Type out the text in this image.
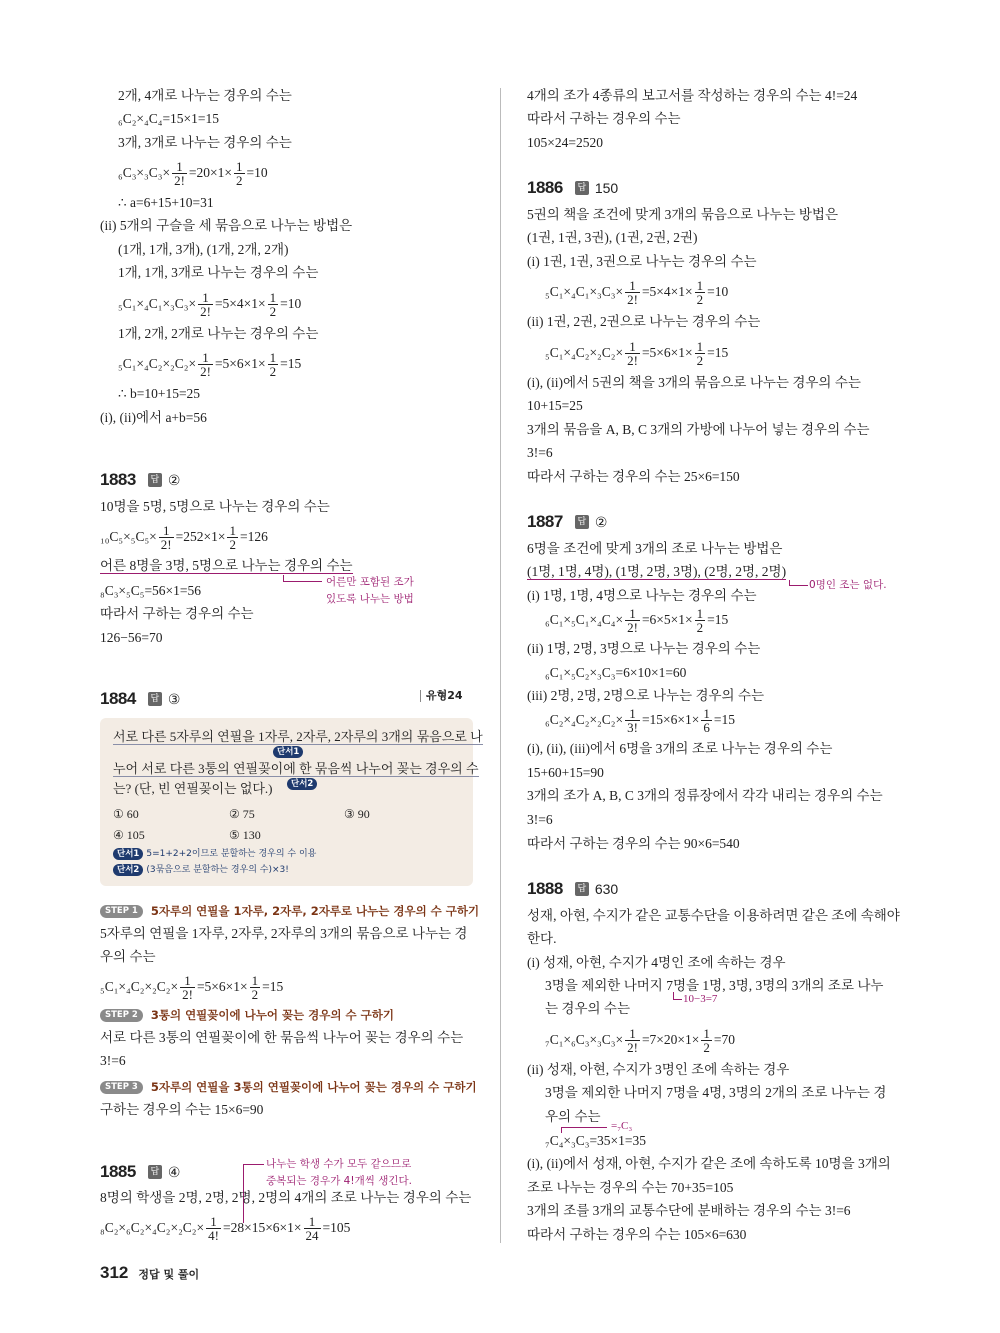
2개, 4개로 나누는 경우의 수는
₆C₂×₄C₄=15×1=15
3개, 3개로 나누는 경우의 수는
$_6C_3\times_3C_3\times \frac{1}{2!} =20\times 1\times \frac{1}{2} =10$
∴ a=6+15+10=31
(ii) 5개의 구슬을 세 묶음으로 나누는 방법은
(1개, 1개, 3개), (1개, 2개, 2개)
1개, 1개, 3개로 나누는 경우의 수는
$_5C_1\times_4C_1\times_3C_3\times \frac{1}{2!} =5\times 4\times 1\times \frac{1}{2} =10$
1개, 2개, 2개로 나누는 경우의 수는
$_5C_1\times_4C_2\times_2C_2\times \frac{1}{2!} =5\times 6\times 1\times \frac{1}{2} =15$
∴ b=10+15=25
(i), (ii)에서 a+b=56
1883 답 ②
10명을 5명, 5명으로 나누는 경우의 수는
$_{10}C_5\times_5C_5\times \frac{1}{2!} =252\times 1\times \frac{1}{2} =126$
어른 8명을 3명, 5명으로 나누는 경우의 수는
어른만 포함된 조가
있도록 나누는 방법
₈C₃×₅C₅=56×1=56
따라서 구하는 경우의 수는
126−56=70
1884 답 ③	유형24
서로 다른 5자루의 연필을 1자루, 2자루, 2자루의 3개의 묶음으로 나
단서1
누어 서로 다른 3통의 연필꽂이에 한 묶음씩 나누어 꽂는 경우의 수
단서2
는? (단, 빈 연필꽂이는 없다.)
① 60	② 75	③ 90
④ 105	⑤ 130
단서1 5=1+2+2이므로 분할하는 경우의 수 이용
단서2 (3묶음으로 분할하는 경우의 수)×3!
STEP 1	5자루의 연필을 1자루, 2자루, 2자루로 나누는 경우의 수 구하기
5자루의 연필을 1자루, 2자루, 2자루의 3개의 묶음으로 나누는 경
우의 수는
$_5C_1\times_4C_2\times_2C_2\times \frac{1}{2!} =5\times 6\times 1\times \frac{1}{2} =15$
STEP 2	3통의 연필꽂이에 나누어 꽂는 경우의 수 구하기
서로 다른 3통의 연필꽂이에 한 묶음씩 나누어 꽂는 경우의 수는
3!=6
STEP 3	5자루의 연필을 3통의 연필꽂이에 나누어 꽂는 경우의 수 구하기
구하는 경우의 수는 15×6=90
나누는 학생 수가 모두 같으므로
중복되는 경우가 4!개씩 생긴다.
1885 답 ④
8명의 학생을 2명, 2명, 2명, 2명의 4개의 조로 나누는 경우의 수는
$_8C_2\times_6C_2\times_4C_2\times_2C_2\times \frac{1}{4!} =28\times 15\times 6\times 1\times \frac{1}{24} =105$
312 정답 및 풀이
4개의 조가 4종류의 보고서를 작성하는 경우의 수는 4!=24
따라서 구하는 경우의 수는
105×24=2520
1886 답 150
5권의 책을 조건에 맞게 3개의 묶음으로 나누는 방법은
(1권, 1권, 3권), (1권, 2권, 2권)
(i) 1권, 1권, 3권으로 나누는 경우의 수는
$_5C_1\times_4C_1\times_3C_3\times \frac{1}{2!} =5\times 4\times 1\times \frac{1}{2} =10$
(ii) 1권, 2권, 2권으로 나누는 경우의 수는
$_5C_1\times_4C_2\times_2C_2\times \frac{1}{2!} =5\times 6\times 1\times \frac{1}{2} =15$
(i), (ii)에서 5권의 책을 3개의 묶음으로 나누는 경우의 수는
10+15=25
3개의 묶음을 A, B, C 3개의 가방에 나누어 넣는 경우의 수는
3!=6
따라서 구하는 경우의 수는 25×6=150
1887 답 ②
6명을 조건에 맞게 3개의 조로 나누는 방법은
(1명, 1명, 4명), (1명, 2명, 3명), (2명, 2명, 2명)
0명인 조는 없다.
(i) 1명, 1명, 4명으로 나누는 경우의 수는
$_6C_1\times_5C_1\times_4C_4\times \frac{1}{2!} =6\times 5\times 1\times \frac{1}{2} =15$
(ii) 1명, 2명, 3명으로 나누는 경우의 수는
₆C₁×₅C₂×₃C₃=6×10×1=60
(iii) 2명, 2명, 2명으로 나누는 경우의 수는
$_6C_2\times_4C_2\times_2C_2\times \frac{1}{3!} =15\times 6\times 1\times \frac{1}{6} =15$
(i), (ii), (iii)에서 6명을 3개의 조로 나누는 경우의 수는
15+60+15=90
3개의 조가 A, B, C 3개의 정류장에서 각각 내리는 경우의 수는
3!=6
따라서 구하는 경우의 수는 90×6=540
1888 답 630
성재, 아현, 수지가 같은 교통수단을 이용하려면 같은 조에 속해야
한다.
(i) 성재, 아현, 수지가 4명인 조에 속하는 경우
3명을 제외한 나머지 7명을 1명, 3명, 3명의 3개의 조로 나누
10−3=7
는 경우의 수는
$_7C_1\times_6C_3\times_3C_3\times \frac{1}{2!} =7\times 20\times 1\times \frac{1}{2} =70$
(ii) 성재, 아현, 수지가 3명인 조에 속하는 경우
3명을 제외한 나머지 7명을 4명, 3명의 2개의 조로 나누는 경
우의 수는
=₇C₃
₇C₄×₃C₃=35×1=35
(i), (ii)에서 성재, 아현, 수지가 같은 조에 속하도록 10명을 3개의
조로 나누는 경우의 수는 70+35=105
3개의 조를 3개의 교통수단에 분배하는 경우의 수는 3!=6
따라서 구하는 경우의 수는 105×6=630
